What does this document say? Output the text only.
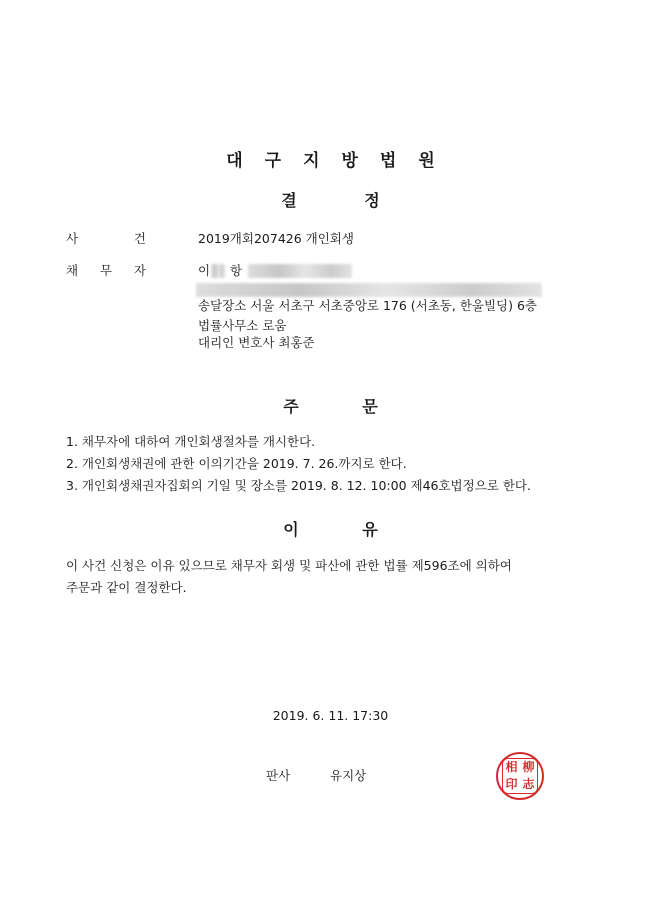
대구지방법원
결	정
사	건	2019개회207426 개인회생
채 무 자	이 항
송달장소 서울 서초구 서초중앙로 176 (서초동, 한울빌딩) 6층
법률사무소 로움
대리인 변호사 최홍준
주	문
1. 채무자에 대하여 개인회생절차를 개시한다.
2. 개인회생채권에 관한 이의기간을 2019. 7. 26.까지로 한다.
3. 개인회생채권자집회의 기일 및 장소를 2019. 8. 12. 10:00 제46호법정으로 한다.
이	유
이 사건 신청은 이유 있으므로 채무자 회생 및 파산에 관한 법률 제596조에 의하여
주문과 같이 결정한다.
2019. 6. 11. 17:30
판사	유지상
相 柳
印 志
